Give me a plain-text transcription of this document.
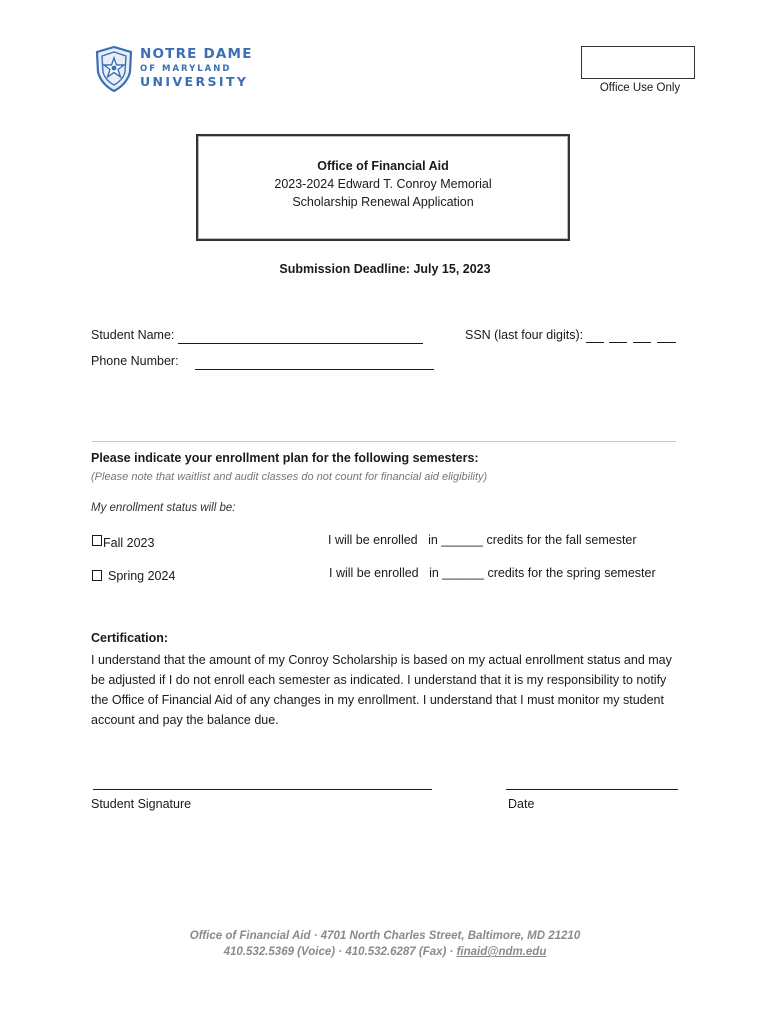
NOTRE DAME
OF MARYLAND
UNIVERSITY	Office Use Only
Office of Financial Aid
2023-2024 Edward T. Conroy Memorial
Scholarship Renewal Application
Submission Deadline: July 15, 2023
Student Name:	SSN (last four digits):
Phone Number:
Please indicate your enrollment plan for the following semesters:
(Please note that waitlist and audit classes do not count for financial aid eligibility)
My enrollment status will be:
Fall 2023	I will be enrolled in ______ credits for the fall semester
Spring 2024	I will be enrolled in ______ credits for the spring semester
Certification:
I understand that the amount of my Conroy Scholarship is based on my actual enrollment status and may be adjusted if I do not enroll each semester as indicated. I understand that it is my responsibility to notify the Office of Financial Aid of any changes in my enrollment. I understand that I must monitor my student account and pay the balance due.
Student Signature	Date
Office of Financial Aid · 4701 North Charles Street, Baltimore, MD 21210
410.532.5369 (Voice) · 410.532.6287 (Fax) · finaid@ndm.edu
